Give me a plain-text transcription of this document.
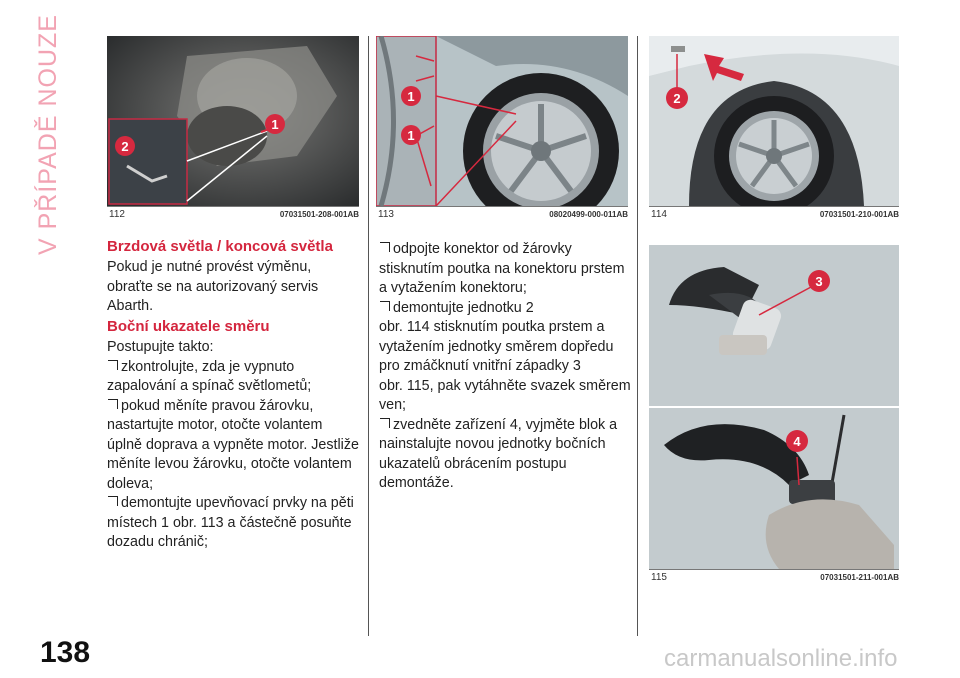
V PŘÍPADĚ NOUZE
138
1
2
112	07031501-208-001AB
1
1
113	08020499-000-011AB
2
114	07031501-210-001AB
3
4
115	07031501-211-001AB
Brzdová světla / koncová světla
Pokud je nutné provést výměnu,
obraťte se na autorizovaný servis
Abarth.
Boční ukazatele směru
Postupujte takto:
zkontrolujte, zda je vypnuto
zapalování a spínač světlometů;
pokud měníte pravou žárovku,
nastartujte motor, otočte volantem
úplně doprava a vypněte motor. Jestliže
měníte levou žárovku, otočte volantem
doleva;
demontujte upevňovací prvky na pěti
místech 1 obr. 113 a částečně posuňte
dozadu chránič;
odpojte konektor od žárovky
stisknutím poutka na konektoru prstem
a vytažením konektoru;
demontujte jednotku 2
obr. 114 stisknutím poutka prstem a
vytažením jednotky směrem dopředu
pro zmáčknutí vnitřní západky 3
obr. 115, pak vytáhněte svazek směrem
ven;
zvedněte zařízení 4, vyjměte blok a
nainstalujte novou jednotky bočních
ukazatelů obrácením postupu
demontáže.
carmanualsonline.info
